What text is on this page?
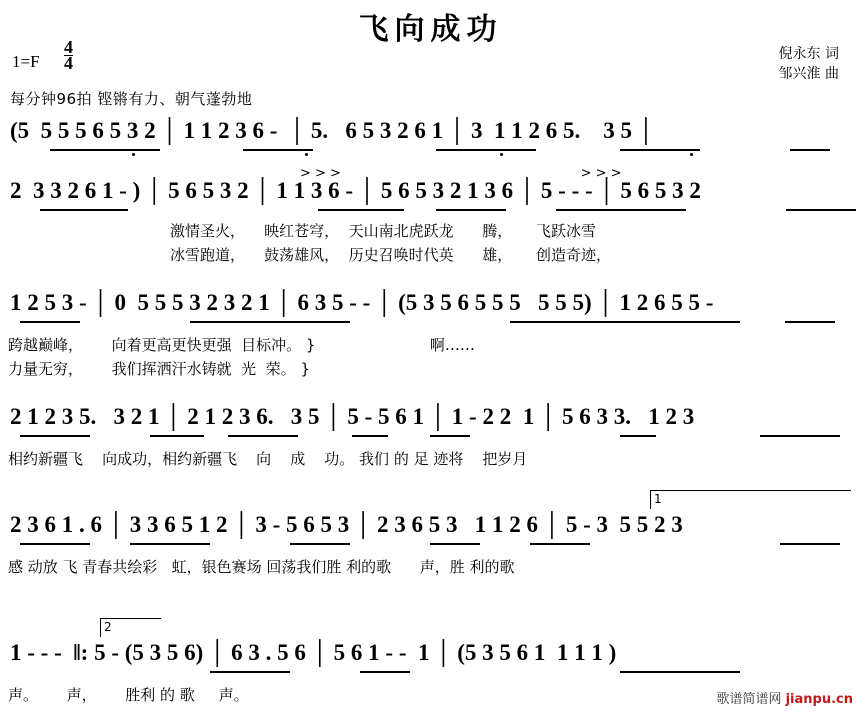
飞向成功
$1=F \frac{4}{4}$	倪永东 词
邹兴淮 曲
每分钟96拍 铿锵有力、朝气蓬勃地
(5  5 5 5 6 5 3 2 │ 1 1 2 3 6 -  │ 5.   6 5 3 2 6 1 │ 3  1 1 2 6 5.    3 5 │
> > >                                                          > > >
2  3 3 2 6 1 - ) │ 5 6 5 3 2 │ 1 1 3 6 - │ 5 6 5 3 2 1 3 6 │ 5 - - - │ 5 6 5 3 2
激情圣火，    映红苍穹，  天山南北虎跃龙      腾，     飞跃冰雪
冰雪跑道，    鼓荡雄风，  历史召唤时代英      雄，     创造奇迹，
1 2 5 3 - │ 0  5 5 5 3 2 3 2 1 │ 6 3 5 - - │ (5 3 5 6 5 5 5   5 5 5) │ 1 2 6 5 5 -
跨越巅峰，      向着更高更快更强  目标冲。 }                        啊……
力量无穷，      我们挥洒汗水铸就  光  荣。 }
2 1 2 3 5.   3 2 1 │ 2 1 2 3 6.   3 5 │ 5 - 5 6 1 │ 1 - 2 2  1 │ 5 6 3 3.   1 2 3
相约新疆飞    向成功，相约新疆飞    向    成    功。 我们 的 足 迹将    把岁月
1
2 3 6 1 . 6 │ 3 3 6 5 1 2 │ 3 - 5 6 5 3 │ 2 3 6 5 3   1 1 2 6 │ 5 - 3  5 5 2 3
感 动放 飞 青春共绘彩   虹，银色赛场 回荡我们胜 利的歌      声，胜 利的歌
2
1 - - -  ‖: 5 - (5 3 5 6) │ 6 3 . 5 6 │ 5 6 1 - -  1 │ (5 3 5 6 1  1 1 1 )
声。      声，      胜利 的 歌     声。	歌谱简谱网 jianpu.cn
